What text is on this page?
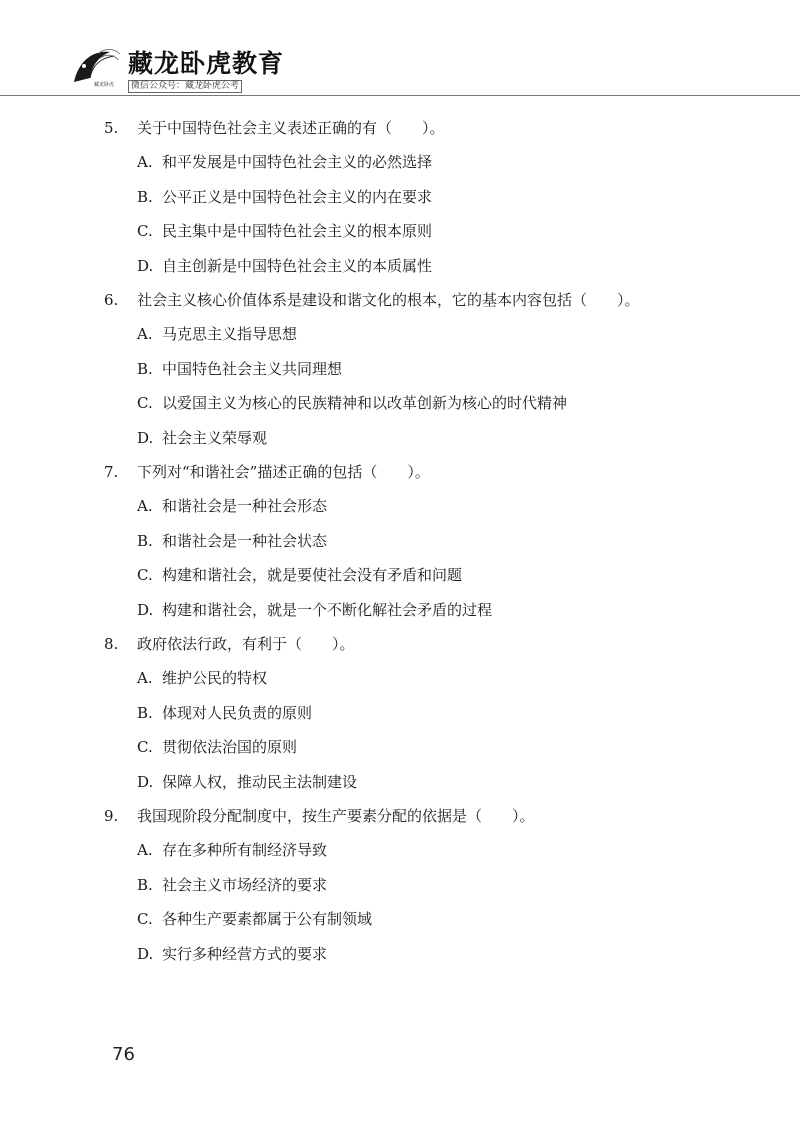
藏龙卧虎
藏龙卧虎教育
微信公众号：藏龙卧虎公考
5. 关于中国特色社会主义表述正确的有（　　）。
A. 和平发展是中国特色社会主义的必然选择
B. 公平正义是中国特色社会主义的内在要求
C. 民主集中是中国特色社会主义的根本原则
D. 自主创新是中国特色社会主义的本质属性
6. 社会主义核心价值体系是建设和谐文化的根本，它的基本内容包括（　　）。
A. 马克思主义指导思想
B. 中国特色社会主义共同理想
C. 以爱国主义为核心的民族精神和以改革创新为核心的时代精神
D. 社会主义荣辱观
7. 下列对“和谐社会”描述正确的包括（　　）。
A. 和谐社会是一种社会形态
B. 和谐社会是一种社会状态
C. 构建和谐社会，就是要使社会没有矛盾和问题
D. 构建和谐社会，就是一个不断化解社会矛盾的过程
8. 政府依法行政，有利于（　　）。
A. 维护公民的特权
B. 体现对人民负责的原则
C. 贯彻依法治国的原则
D. 保障人权，推动民主法制建设
9. 我国现阶段分配制度中，按生产要素分配的依据是（　　）。
A. 存在多种所有制经济导致
B. 社会主义市场经济的要求
C. 各种生产要素都属于公有制领域
D. 实行多种经营方式的要求
76
